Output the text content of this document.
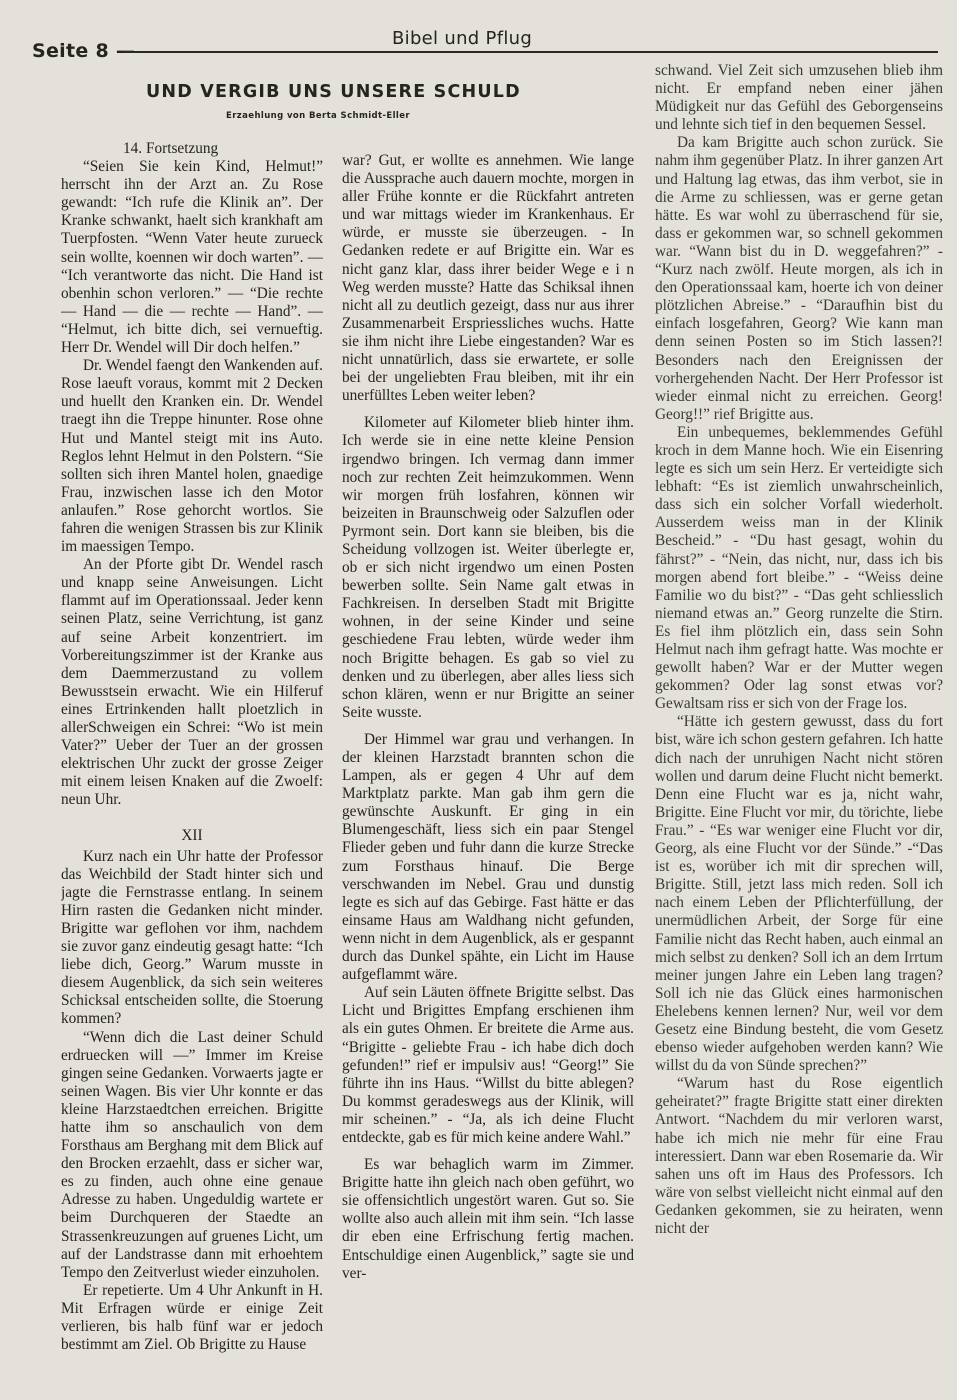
Seite 8 —
Bibel und Pflug
UND VERGIB UNS UNSERE SCHULD
Erzaehlung von Berta Schmidt-Eller

14. Fortsetzung

“Seien Sie kein Kind, Helmut!” herrscht ihn der Arzt an. Zu Rose gewandt: “Ich rufe die Klinik an”. Der Kranke schwankt, haelt sich krankhaft am Tuerpfosten. “Wenn Vater heute zurueck sein wollte, koennen wir doch warten”. — “Ich verantworte das nicht. Die Hand ist obenhin schon verloren.” — “Die rechte — Hand — die — rechte — Hand”. — “Helmut, ich bitte dich, sei vernueftig. Herr Dr. Wendel will Dir doch helfen.”

Dr. Wendel faengt den Wankenden auf. Rose laeuft voraus, kommt mit 2 Decken und huellt den Kranken ein. Dr. Wendel traegt ihn die Treppe hinunter. Rose ohne Hut und Mantel steigt mit ins Auto. Reglos lehnt Helmut in den Polstern. “Sie sollten sich ihren Mantel holen, gnaedige Frau, inzwischen lasse ich den Motor anlaufen.” Rose gehorcht wortlos. Sie fahren die wenigen Strassen bis zur Klinik im maessigen Tempo.

An der Pforte gibt Dr. Wendel rasch und knapp seine Anweisungen. Licht flammt auf im Operationssaal. Jeder kenn seinen Platz, seine Verrichtung, ist ganz auf seine Arbeit konzentriert. im Vorbereitungszimmer ist der Kranke aus dem Daemmerzustand zu vollem Bewusstsein erwacht. Wie ein Hilferuf eines Ertrinkenden hallt ploetzlich in allerSchweigen ein Schrei: “Wo ist mein Vater?” Ueber der Tuer an der grossen elektrischen Uhr zuckt der grosse Zeiger mit einem leisen Knaken auf die Zwoelf: neun Uhr.

XII

Kurz nach ein Uhr hatte der Professor das Weichbild der Stadt hinter sich und jagte die Fernstrasse entlang. In seinem Hirn rasten die Gedanken nicht minder. Brigitte war geflohen vor ihm, nachdem sie zuvor ganz eindeutig gesagt hatte: “Ich liebe dich, Georg.” Warum musste in diesem Augenblick, da sich sein weiteres Schicksal entscheiden sollte, die Stoerung kommen?

“Wenn dich die Last deiner Schuld erdruecken will —” Immer im Kreise gingen seine Gedanken. Vorwaerts jagte er seinen Wagen. Bis vier Uhr konnte er das kleine Harzstaedtchen erreichen. Brigitte hatte ihm so anschaulich von dem Forsthaus am Berghang mit dem Blick auf den Brocken erzaehlt, dass er sicher war, es zu finden, auch ohne eine genaue Adresse zu haben. Ungeduldig wartete er beim Durchqueren der Staedte an Strassenkreuzungen auf gruenes Licht, um auf der Landstrasse dann mit erhoehtem Tempo den Zeitverlust wieder einzuholen.

Er repetierte. Um 4 Uhr Ankunft in H. Mit Erfragen würde er einige Zeit verlieren, bis halb fünf war er jedoch bestimmt am Ziel. Ob Brigitte zu Hause

war? Gut, er wollte es annehmen. Wie lange die Aussprache auch dauern mochte, morgen in aller Frühe konnte er die Rückfahrt antreten und war mittags wieder im Krankenhaus. Er würde, er musste sie überzeugen. - In Gedanken redete er auf Brigitte ein. War es nicht ganz klar, dass ihrer beider Wege e i n Weg werden musste? Hatte das Schiksal ihnen nicht all zu deutlich gezeigt, dass nur aus ihrer Zusammenarbeit Erspriessliches wuchs. Hatte sie ihm nicht ihre Liebe eingestanden? War es nicht unnatürlich, dass sie erwartete, er solle bei der ungeliebten Frau bleiben, mit ihr ein unerfülltes Leben weiter leben?

Kilometer auf Kilometer blieb hinter ihm. Ich werde sie in eine nette kleine Pension irgendwo bringen. Ich vermag dann immer noch zur rechten Zeit heimzukommen. Wenn wir morgen früh losfahren, können wir beizeiten in Braunschweig oder Salzuflen oder Pyrmont sein. Dort kann sie bleiben, bis die Scheidung vollzogen ist. Weiter überlegte er, ob er sich nicht irgendwo um einen Posten bewerben sollte. Sein Name galt etwas in Fachkreisen. In derselben Stadt mit Brigitte wohnen, in der seine Kinder und seine geschiedene Frau lebten, würde weder ihm noch Brigitte behagen. Es gab so viel zu denken und zu überlegen, aber alles liess sich schon klären, wenn er nur Brigitte an seiner Seite wusste.

Der Himmel war grau und verhangen. In der kleinen Harzstadt brannten schon die Lampen, als er gegen 4 Uhr auf dem Marktplatz parkte. Man gab ihm gern die gewünschte Auskunft. Er ging in ein Blumengeschäft, liess sich ein paar Stengel Flieder geben und fuhr dann die kurze Strecke zum Forsthaus hinauf. Die Berge verschwanden im Nebel. Grau und dunstig legte es sich auf das Gebirge. Fast hätte er das einsame Haus am Waldhang nicht gefunden, wenn nicht in dem Augenblick, als er gespannt durch das Dunkel spähte, ein Licht im Hause aufgeflammt wäre.

Auf sein Läuten öffnete Brigitte selbst. Das Licht und Brigittes Empfang erschienen ihm als ein gutes Ohmen. Er breitete die Arme aus. “Brigitte - geliebte Frau - ich habe dich doch gefunden!” rief er impulsiv aus! “Georg!” Sie führte ihn ins Haus. “Willst du bitte ablegen? Du kommst geradeswegs aus der Klinik, will mir scheinen.” - “Ja, als ich deine Flucht entdeckte, gab es für mich keine andere Wahl.”

Es war behaglich warm im Zimmer. Brigitte hatte ihn gleich nach oben geführt, wo sie offensichtlich ungestört waren. Gut so. Sie wollte also auch allein mit ihm sein. “Ich lasse dir eben eine Erfrischung fertig machen. Entschuldige einen Augenblick,” sagte sie und ver-

schwand. Viel Zeit sich umzusehen blieb ihm nicht. Er empfand neben einer jähen Müdigkeit nur das Gefühl des Geborgenseins und lehnte sich tief in den bequemen Sessel.

Da kam Brigitte auch schon zurück. Sie nahm ihm gegenüber Platz. In ihrer ganzen Art und Haltung lag etwas, das ihm verbot, sie in die Arme zu schliessen, was er gerne getan hätte. Es war wohl zu überraschend für sie, dass er gekommen war, so schnell gekommen war. “Wann bist du in D. weggefahren?” - “Kurz nach zwölf. Heute morgen, als ich in den Operationssaal kam, hoerte ich von deiner plötzlichen Abreise.” - “Daraufhin bist du einfach losgefahren, Georg? Wie kann man denn seinen Posten so im Stich lassen?! Besonders nach den Ereignissen der vorhergehenden Nacht. Der Herr Professor ist wieder einmal nicht zu erreichen. Georg! Georg!!” rief Brigitte aus.

Ein unbequemes, beklemmendes Gefühl kroch in dem Manne hoch. Wie ein Eisenring legte es sich um sein Herz. Er verteidigte sich lebhaft: “Es ist ziemlich unwahrscheinlich, dass sich ein solcher Vorfall wiederholt. Ausserdem weiss man in der Klinik Bescheid.” - “Du hast gesagt, wohin du fährst?” - “Nein, das nicht, nur, dass ich bis morgen abend fort bleibe.” - “Weiss deine Familie wo du bist?” - “Das geht schliesslich niemand etwas an.” Georg runzelte die Stirn. Es fiel ihm plötzlich ein, dass sein Sohn Helmut nach ihm gefragt hatte. Was mochte er gewollt haben? War er der Mutter wegen gekommen? Oder lag sonst etwas vor? Gewaltsam riss er sich von der Frage los.

“Hätte ich gestern gewusst, dass du fort bist, wäre ich schon gestern gefahren. Ich hatte dich nach der unruhigen Nacht nicht stören wollen und darum deine Flucht nicht bemerkt. Denn eine Flucht war es ja, nicht wahr, Brigitte. Eine Flucht vor mir, du törichte, liebe Frau.” - “Es war weniger eine Flucht vor dir, Georg, als eine Flucht vor der Sünde.” -“Das ist es, worüber ich mit dir sprechen will, Brigitte. Still, jetzt lass mich reden. Soll ich nach einem Leben der Pflichterfüllung, der unermüdlichen Arbeit, der Sorge für eine Familie nicht das Recht haben, auch einmal an mich selbst zu denken? Soll ich an dem Irrtum meiner jungen Jahre ein Leben lang tragen? Soll ich nie das Glück eines harmonischen Ehelebens kennen lernen? Nur, weil vor dem Gesetz eine Bindung besteht, die vom Gesetz ebenso wieder aufgehoben werden kann? Wie willst du da von Sünde sprechen?”

“Warum hast du Rose eigentlich geheiratet?” fragte Brigitte statt einer direkten Antwort. “Nachdem du mir verloren warst, habe ich mich nie mehr für eine Frau interessiert. Dann war eben Rosemarie da. Wir sahen uns oft im Haus des Professors. Ich wäre von selbst vielleicht nicht einmal auf den Gedanken gekommen, sie zu heiraten, wenn nicht der
